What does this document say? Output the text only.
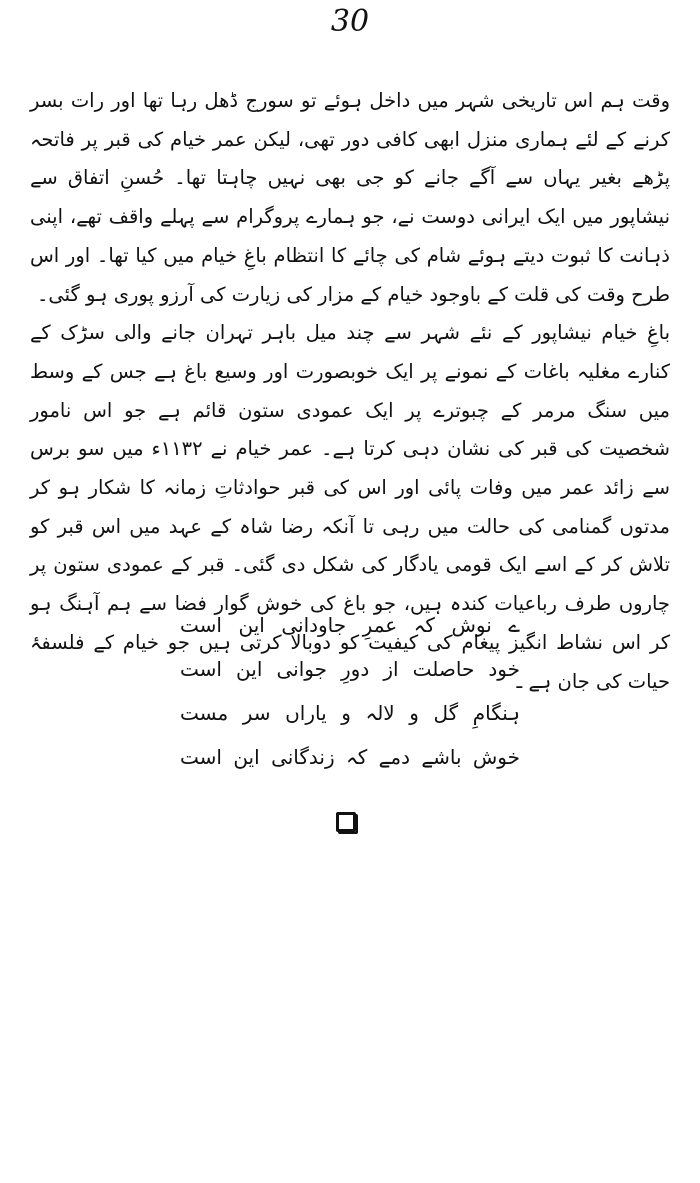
30

وقت ہم اس تاریخی شہر میں داخل ہوئے تو سورج ڈھل رہا تھا اور رات بسر کرنے کے لئے ہماری منزل ابھی کافی دور تھی، لیکن عمر خیام کی قبر پر فاتحہ پڑھے بغیر یہاں سے آگے جانے کو جی بھی نہیں چاہتا تھا۔ حُسنِ اتفاق سے نیشاپور میں ایک ایرانی دوست نے، جو ہمارے پروگرام سے پہلے واقف تھے، اپنی ذہانت کا ثبوت دیتے ہوئے شام کی چائے کا انتظام باغِ خیام میں کیا تھا۔ اور اس طرح وقت کی قلت کے باوجود خیام کے مزار کی زیارت کی آرزو پوری ہو گئی۔

باغِ خیام نیشاپور کے نئے شہر سے چند میل باہر تہران جانے والی سڑک کے کنارے مغلیہ باغات کے نمونے پر ایک خوبصورت اور وسیع باغ ہے جس کے وسط میں سنگ مرمر کے چبوترے پر ایک عمودی ستون قائم ہے جو اس نامور شخصیت کی قبر کی نشان دہی کرتا ہے۔ عمر خیام نے ۱۱۳۲ء میں سو برس سے زائد عمر میں وفات پائی اور اس کی قبر حوادثاتِ زمانہ کا شکار ہو کر مدتوں گمنامی کی حالت میں رہی تا آنکہ رضا شاہ کے عہد میں اس قبر کو تلاش کر کے اسے ایک قومی یادگار کی شکل دی گئی۔ قبر کے عمودی ستون پر چاروں طرف رباعیات کندہ ہیں، جو باغ کی خوش گوار فضا سے ہم آہنگ ہو کر اس نشاط انگیز پیغام کی کیفیت کو دوبالا کرتی ہیں جو خیام کے فلسفۂ حیات کی جان ہے ـ

ے نوش کہ عمرِ جاودانی این است
خود حاصلت از دورِ جوانی این است
ہنگامِ گل و لالہ و یاراں سر مست
خوش باشے دمے کہ زندگانی این است
